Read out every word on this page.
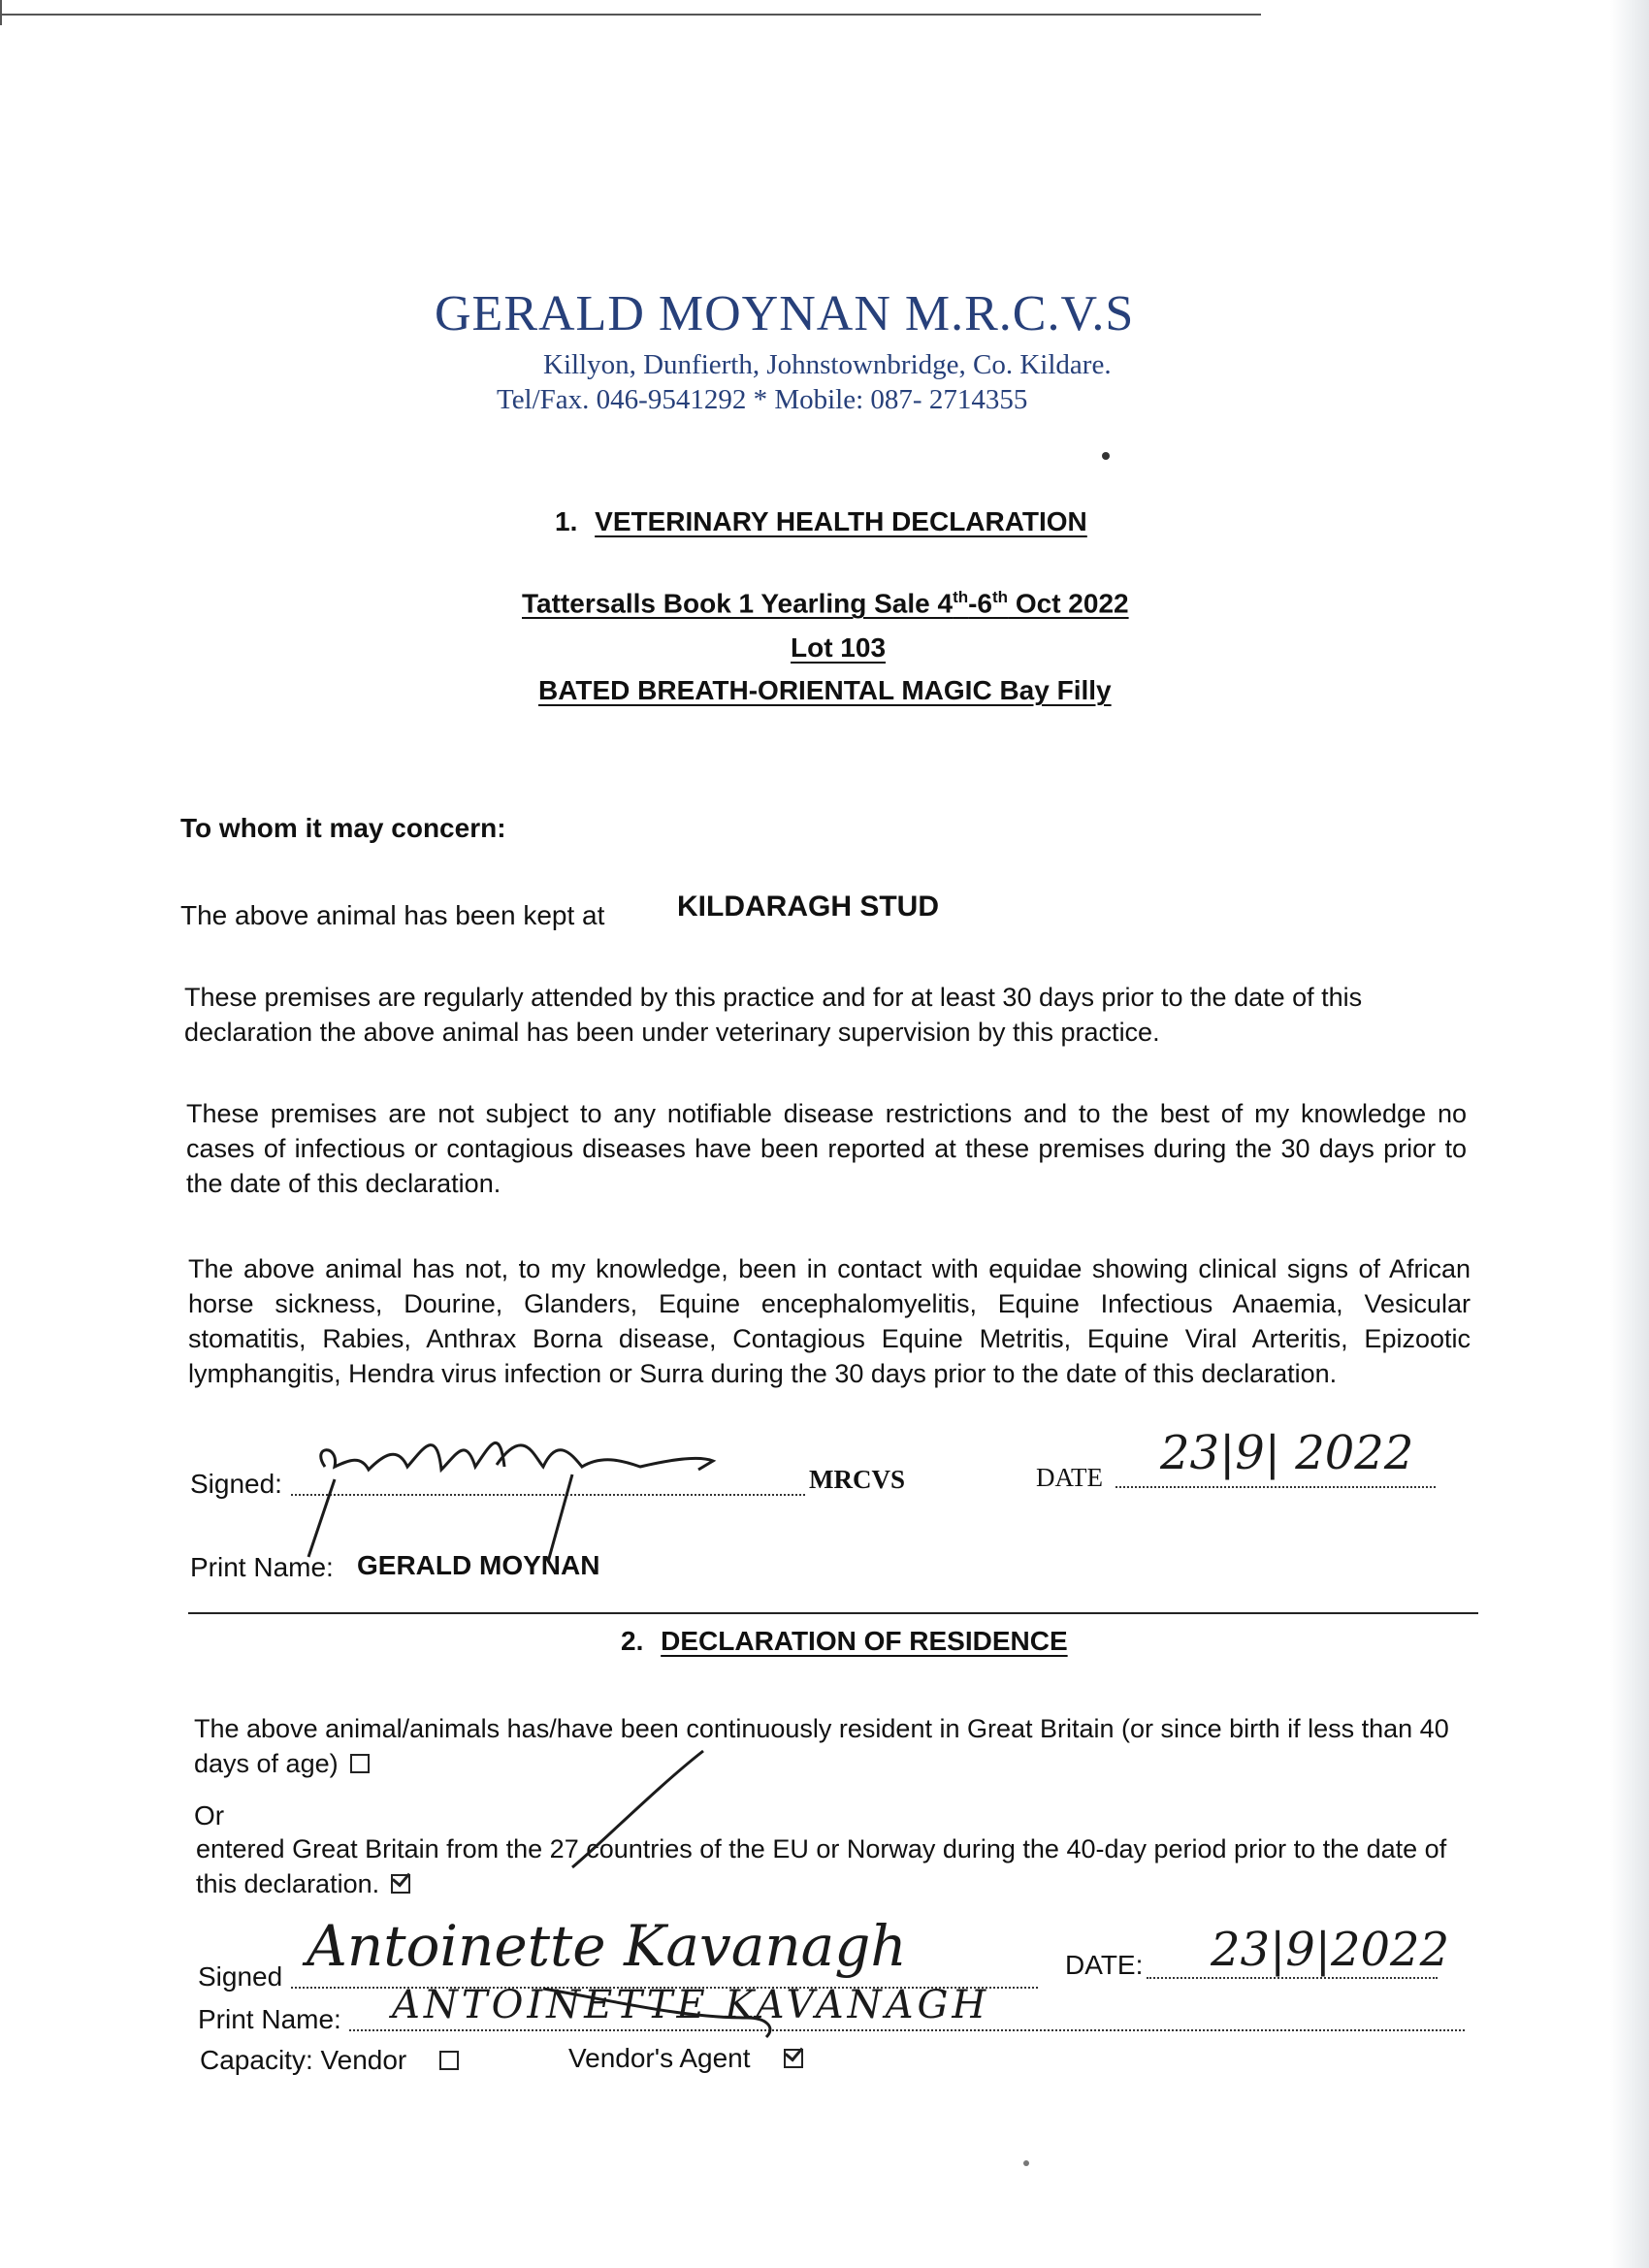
GERALD MOYNAN M.R.C.V.S
Killyon, Dunfierth, Johnstownbridge, Co. Kildare.
Tel/Fax. 046-9541292 * Mobile: 087- 2714355
1. VETERINARY HEALTH DECLARATION
Tattersalls Book 1 Yearling Sale 4th-6th Oct 2022
Lot 103
BATED BREATH-ORIENTAL MAGIC Bay Filly
To whom it may concern:
The above animal has been kept at KILDARAGH STUD
These premises are regularly attended by this practice and for at least 30 days prior to the date of this declaration the above animal has been under veterinary supervision by this practice.
These premises are not subject to any notifiable disease restrictions and to the best of my knowledge no cases of infectious or contagious diseases have been reported at these premises during the 30 days prior to the date of this declaration.
The above animal has not, to my knowledge, been in contact with equidae showing clinical signs of African horse sickness, Dourine, Glanders, Equine encephalomyelitis, Equine Infectious Anaemia, Vesicular stomatitis, Rabies, Anthrax Borna disease, Contagious Equine Metritis, Equine Viral Arteritis, Epizootic lymphangitis, Hendra virus infection or Surra during the 30 days prior to the date of this declaration.
Signed:	MRCVS	DATE 23|9| 2022
Print Name: GERALD MOYNAN
2. DECLARATION OF RESIDENCE
The above animal/animals has/have been continuously resident in Great Britain (or since birth if less than 40 days of age)
Or
entered Great Britain from the 27 countries of the EU or Norway during the 40-day period prior to the date of this declaration.
Signed Antoinette Kavanagh	DATE: 23|9|2022
Print Name: ANTOINETTE KAVANAGH
Capacity: Vendor	Vendor's Agent
